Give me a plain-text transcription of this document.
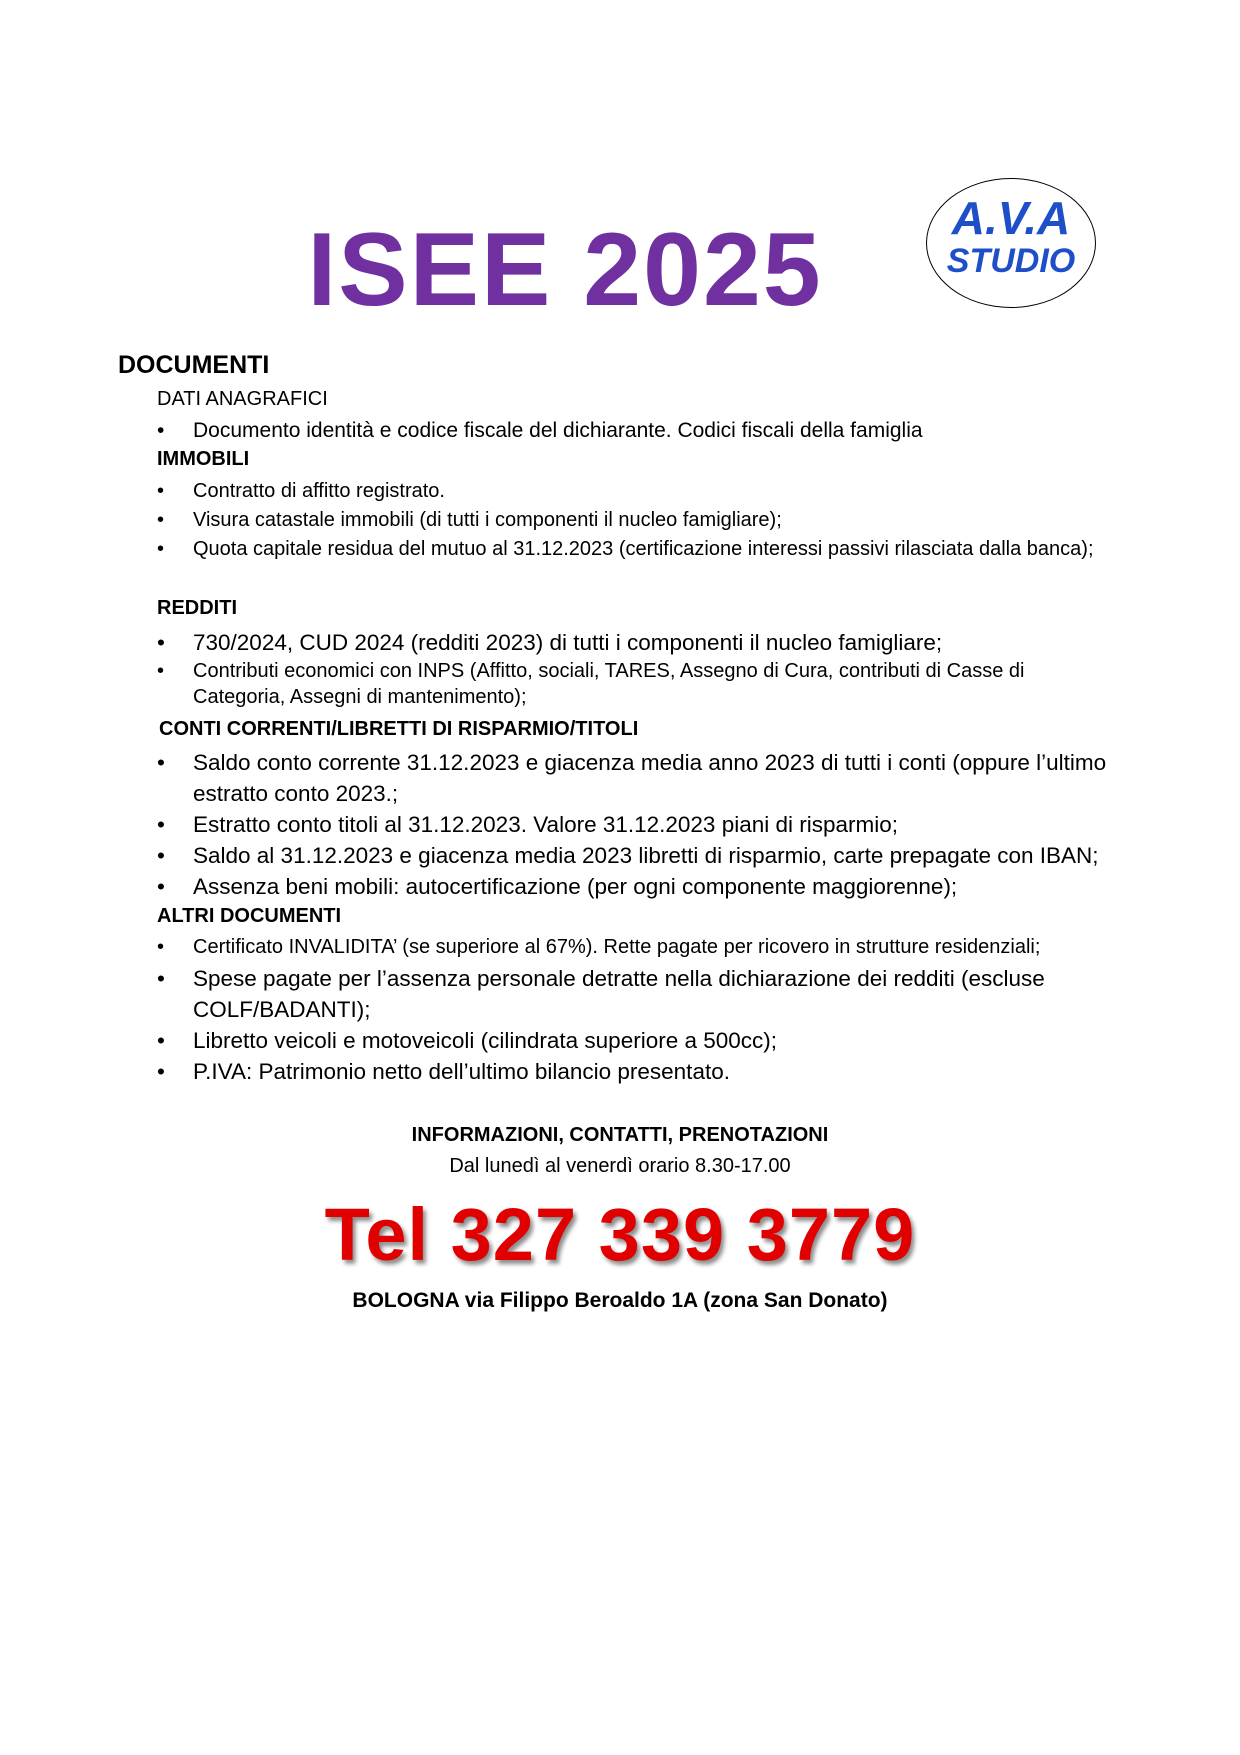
ISEE 2025	A.V.A
STUDIO
DOCUMENTI
DATI ANAGRAFICI
• Documento identità e codice fiscale del dichiarante. Codici fiscali della famiglia
IMMOBILI
• Contratto di affitto registrato.
• Visura catastale immobili (di tutti i componenti il nucleo famigliare);
• Quota capitale residua del mutuo al 31.12.2023 (certificazione interessi passivi rilasciata dalla banca);
REDDITI
• 730/2024, CUD 2024 (redditi 2023) di tutti i componenti il nucleo famigliare;
• Contributi economici con INPS (Affitto, sociali, TARES, Assegno di Cura, contributi di Casse di Categoria, Assegni di mantenimento);
CONTI CORRENTI/LIBRETTI DI RISPARMIO/TITOLI
• Saldo conto corrente 31.12.2023 e giacenza media anno 2023 di tutti i conti (oppure l’ultimo estratto conto 2023.;
• Estratto conto titoli al 31.12.2023. Valore 31.12.2023 piani di risparmio;
• Saldo al 31.12.2023 e giacenza media 2023 libretti di risparmio, carte prepagate con IBAN;
• Assenza beni mobili: autocertificazione (per ogni componente maggiorenne);
ALTRI DOCUMENTI
• Certificato INVALIDITA’ (se superiore al 67%). Rette pagate per ricovero in strutture residenziali;
• Spese pagate per l’assenza personale detratte nella dichiarazione dei redditi (escluse COLF/BADANTI);
• Libretto veicoli e motoveicoli (cilindrata superiore a 500cc);
• P.IVA: Patrimonio netto dell’ultimo bilancio presentato.
INFORMAZIONI, CONTATTI, PRENOTAZIONI
Dal lunedì al venerdì orario 8.30-17.00
Tel 327 339 3779
BOLOGNA via Filippo Beroaldo 1A (zona San Donato)
